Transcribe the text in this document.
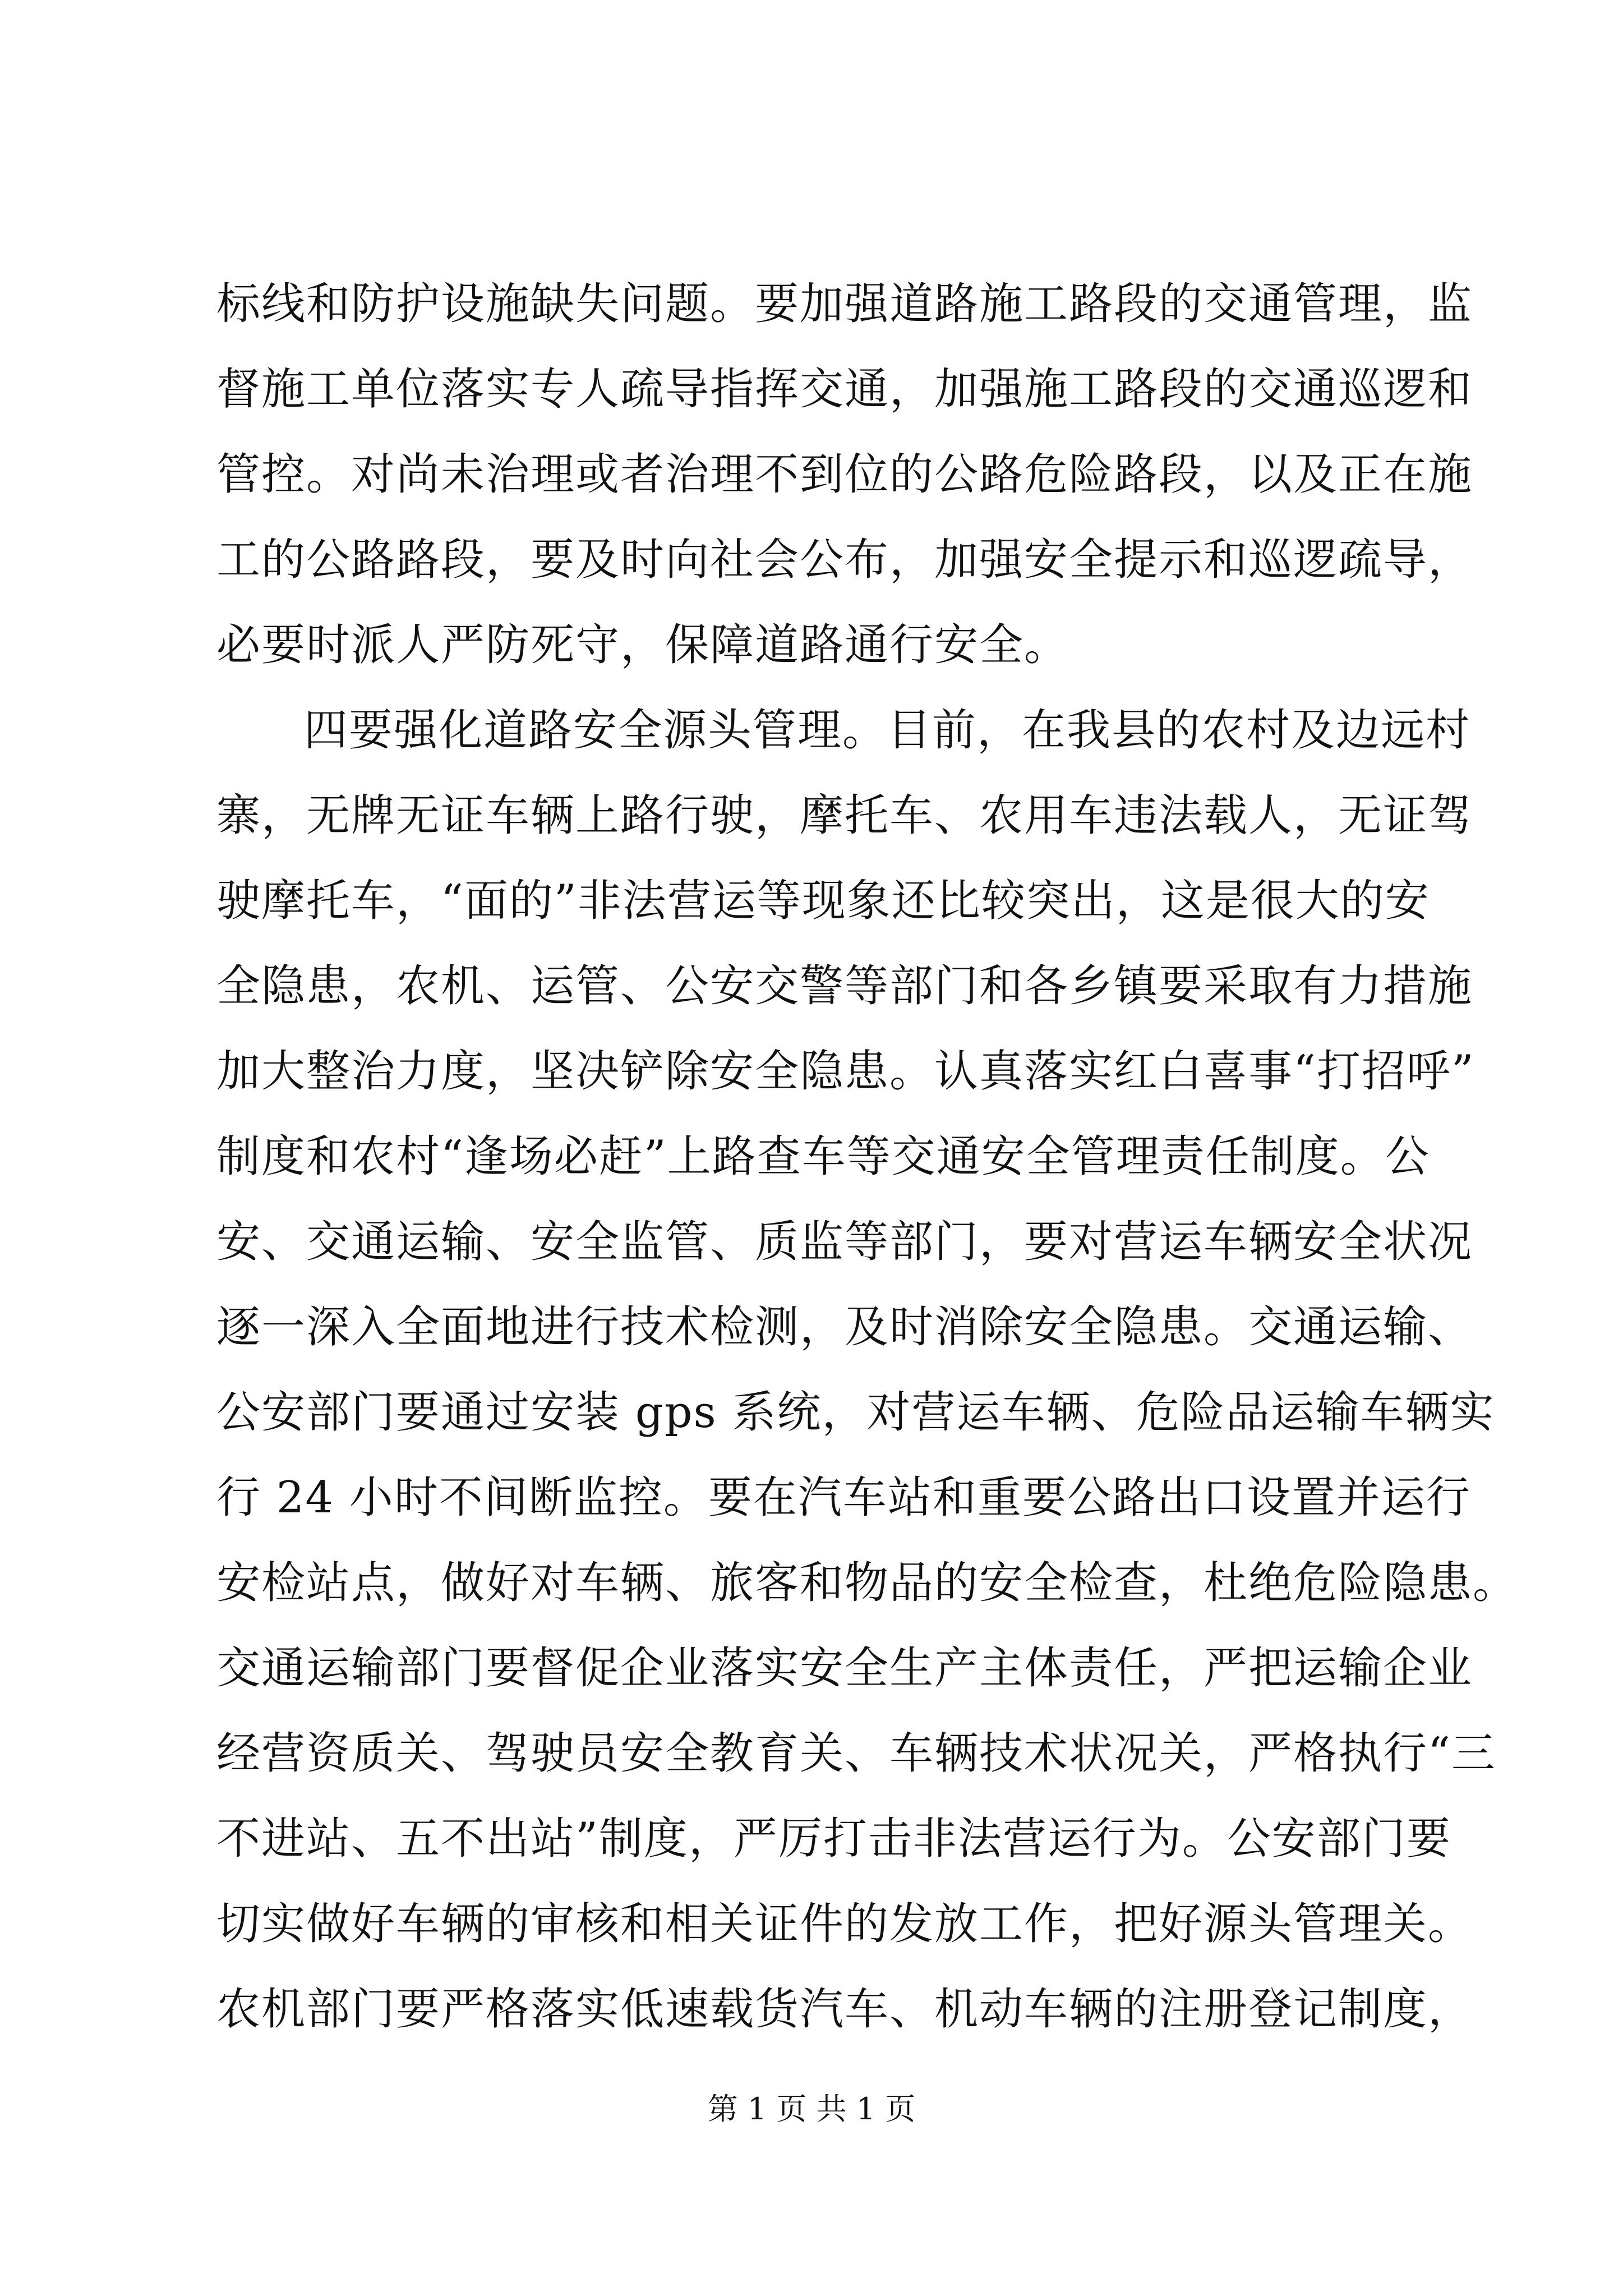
标线和防护设施缺失问题。要加强道路施工路段的交通管理，监
督施工单位落实专人疏导指挥交通，加强施工路段的交通巡逻和
管控。对尚未治理或者治理不到位的公路危险路段，以及正在施
工的公路路段，要及时向社会公布，加强安全提示和巡逻疏导，
必要时派人严防死守，保障道路通行安全。
四要强化道路安全源头管理。目前，在我县的农村及边远村
寨，无牌无证车辆上路行驶，摩托车、农用车违法载人，无证驾
驶摩托车，“面的”非法营运等现象还比较突出，这是很大的安
全隐患，农机、运管、公安交警等部门和各乡镇要采取有力措施
加大整治力度，坚决铲除安全隐患。认真落实红白喜事“打招呼”
制度和农村“逢场必赶”上路查车等交通安全管理责任制度。公
安、交通运输、安全监管、质监等部门，要对营运车辆安全状况
逐一深入全面地进行技术检测，及时消除安全隐患。交通运输、
公安部门要通过安装 gps 系统，对营运车辆、危险品运输车辆实
行 24 小时不间断监控。要在汽车站和重要公路出口设置并运行
安检站点，做好对车辆、旅客和物品的安全检查，杜绝危险隐患。
交通运输部门要督促企业落实安全生产主体责任，严把运输企业
经营资质关、驾驶员安全教育关、车辆技术状况关，严格执行“三
不进站、五不出站”制度，严厉打击非法营运行为。公安部门要
切实做好车辆的审核和相关证件的发放工作，把好源头管理关。
农机部门要严格落实低速载货汽车、机动车辆的注册登记制度，
第 1 页 共 1 页
